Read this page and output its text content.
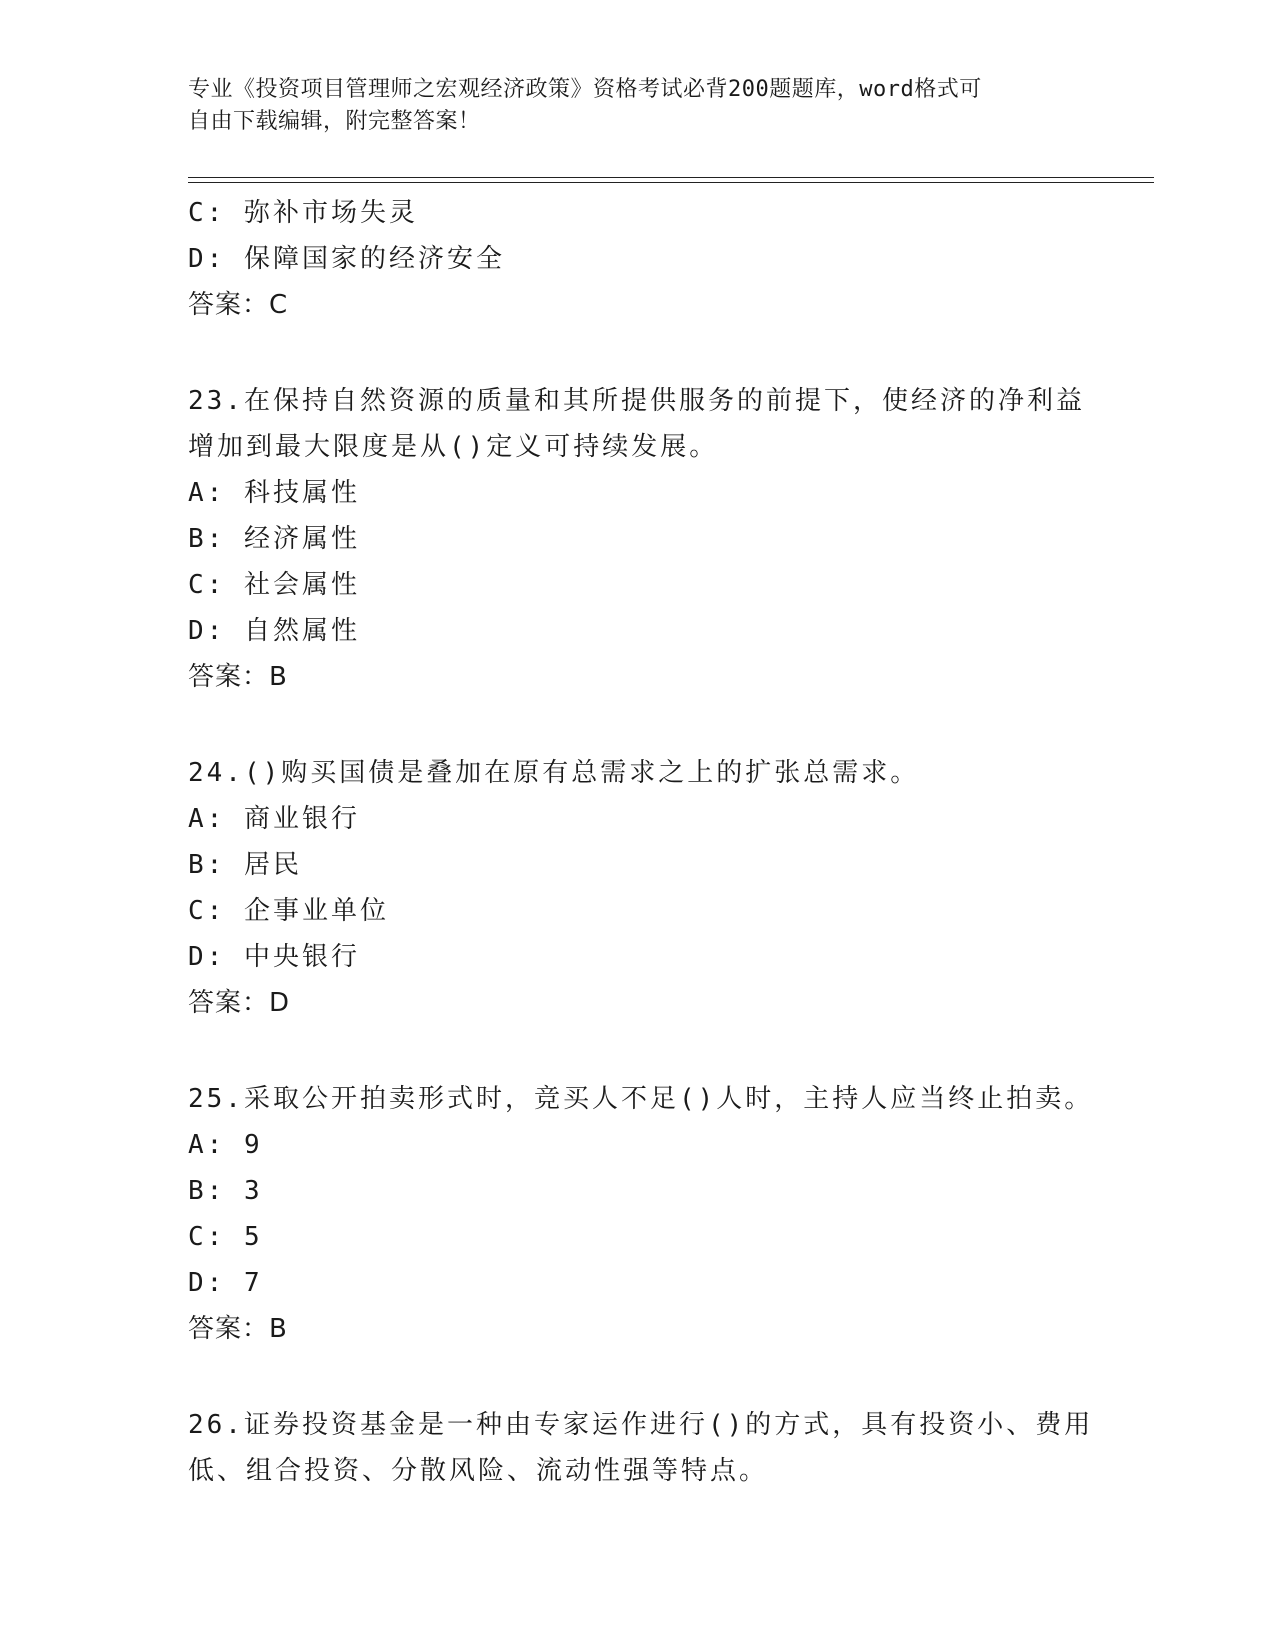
专业《投资项目管理师之宏观经济政策》资格考试必背200题题库，word格式可
自由下载编辑，附完整答案！
C: 弥补市场失灵
D: 保障国家的经济安全
答案：C
23.在保持自然资源的质量和其所提供服务的前提下，使经济的净利益
增加到最大限度是从()定义可持续发展。
A: 科技属性
B: 经济属性
C: 社会属性
D: 自然属性
答案：B
24.()购买国债是叠加在原有总需求之上的扩张总需求。
A: 商业银行
B: 居民
C: 企事业单位
D: 中央银行
答案：D
25.采取公开拍卖形式时，竞买人不足()人时，主持人应当终止拍卖。
A: 9
B: 3
C: 5
D: 7
答案：B
26.证券投资基金是一种由专家运作进行()的方式，具有投资小、费用
低、组合投资、分散风险、流动性强等特点。
